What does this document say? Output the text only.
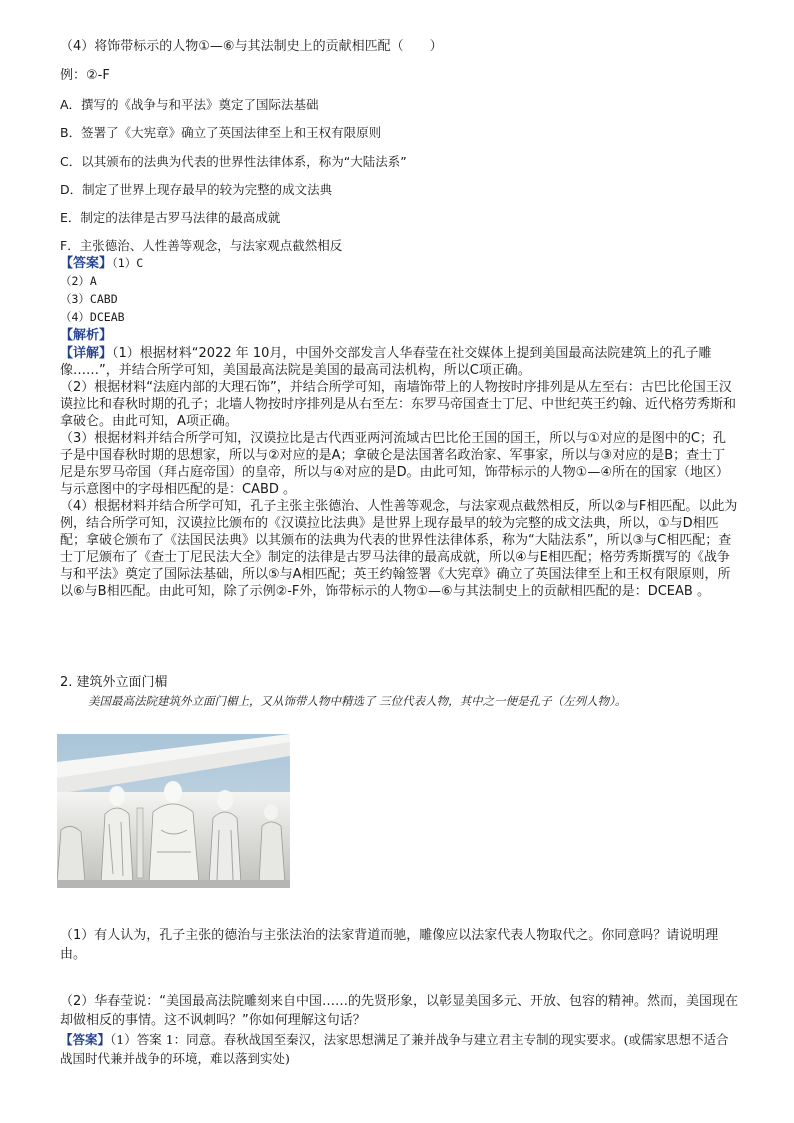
（4）将饰带标示的人物①—⑥与其法制史上的贡献相匹配（　　）
例：②-F
A．撰写的《战争与和平法》奠定了国际法基础
B．签署了《大宪章》确立了英国法律至上和王权有限原则
C．以其颁布的法典为代表的世界性法律体系，称为“大陆法系”
D．制定了世界上现存最早的较为完整的成文法典
E．制定的法律是古罗马法律的最高成就
F．主张德治、人性善等观念，与法家观点截然相反
【答案】（1）C
（2）A
（3）CABD
（4）DCEAB
【解析】

【详解】（1）根据材料“2022 年 10月，中国外交部发言人华春莹在社交媒体上提到美国最高法院建筑上的孔子雕像……”，并结合所学可知，美国最高法院是美国的最高司法机构，所以C项正确。

（2）根据材料“法庭内部的大理石饰”，并结合所学可知，南墙饰带上的人物按时序排列是从左至右：古巴比伦国王汉谟拉比和春秋时期的孔子；北墙人物按时序排列是从右至左：东罗马帝国查士丁尼、中世纪英王约翰、近代格劳秀斯和拿破仑。由此可知，A项正确。

（3）根据材料并结合所学可知，汉谟拉比是古代西亚两河流域古巴比伦王国的国王，所以与①对应的是图中的C；孔子是中国春秋时期的思想家，所以与②对应的是A；拿破仑是法国著名政治家、军事家，所以与③对应的是B；查士丁尼是东罗马帝国（拜占庭帝国）的皇帝，所以与④对应的是D。由此可知，饰带标示的人物①—④所在的国家（地区）与示意图中的字母相匹配的是：CABD 。

（4）根据材料并结合所学可知，孔子主张主张德治、人性善等观念，与法家观点截然相反，所以②与F相匹配。以此为例，结合所学可知，汉谟拉比颁布的《汉谟拉比法典》是世界上现存最早的较为完整的成文法典，所以，①与D相匹配；拿破仑颁布了《法国民法典》以其颁布的法典为代表的世界性法律体系，称为“大陆法系”，所以③与C相匹配；查士丁尼颁布了《查士丁尼民法大全》制定的法律是古罗马法律的最高成就，所以④与E相匹配；格劳秀斯撰写的《战争与和平法》奠定了国际法基础，所以⑤与A相匹配；英王约翰签署《大宪章》确立了英国法律至上和王权有限原则，所以⑥与B相匹配。由此可知，除了示例②-F外，饰带标示的人物①—⑥与其法制史上的贡献相匹配的是：DCEAB 。

2. 建筑外立面门楣
美国最高法院建筑外立面门楣上，又从饰带人物中精选了 三位代表人物，其中之一便是孔子（左列人物）。
（1）有人认为，孔子主张的德治与主张法治的法家背道而驰，雕像应以法家代表人物取代之。你同意吗？请说明理由。
（2）华春莹说：“美国最高法院雕刻来自中国……的先贤形象，以彰显美国多元、开放、包容的精神。然而，美国现在却做相反的事情。这不讽刺吗？”你如何理解这句话？
【答案】（1）答案 1：同意。春秋战国至秦汉，法家思想满足了兼并战争与建立君主专制的现实要求。(或儒家思想不适合战国时代兼并战争的环境，难以落到实处)
